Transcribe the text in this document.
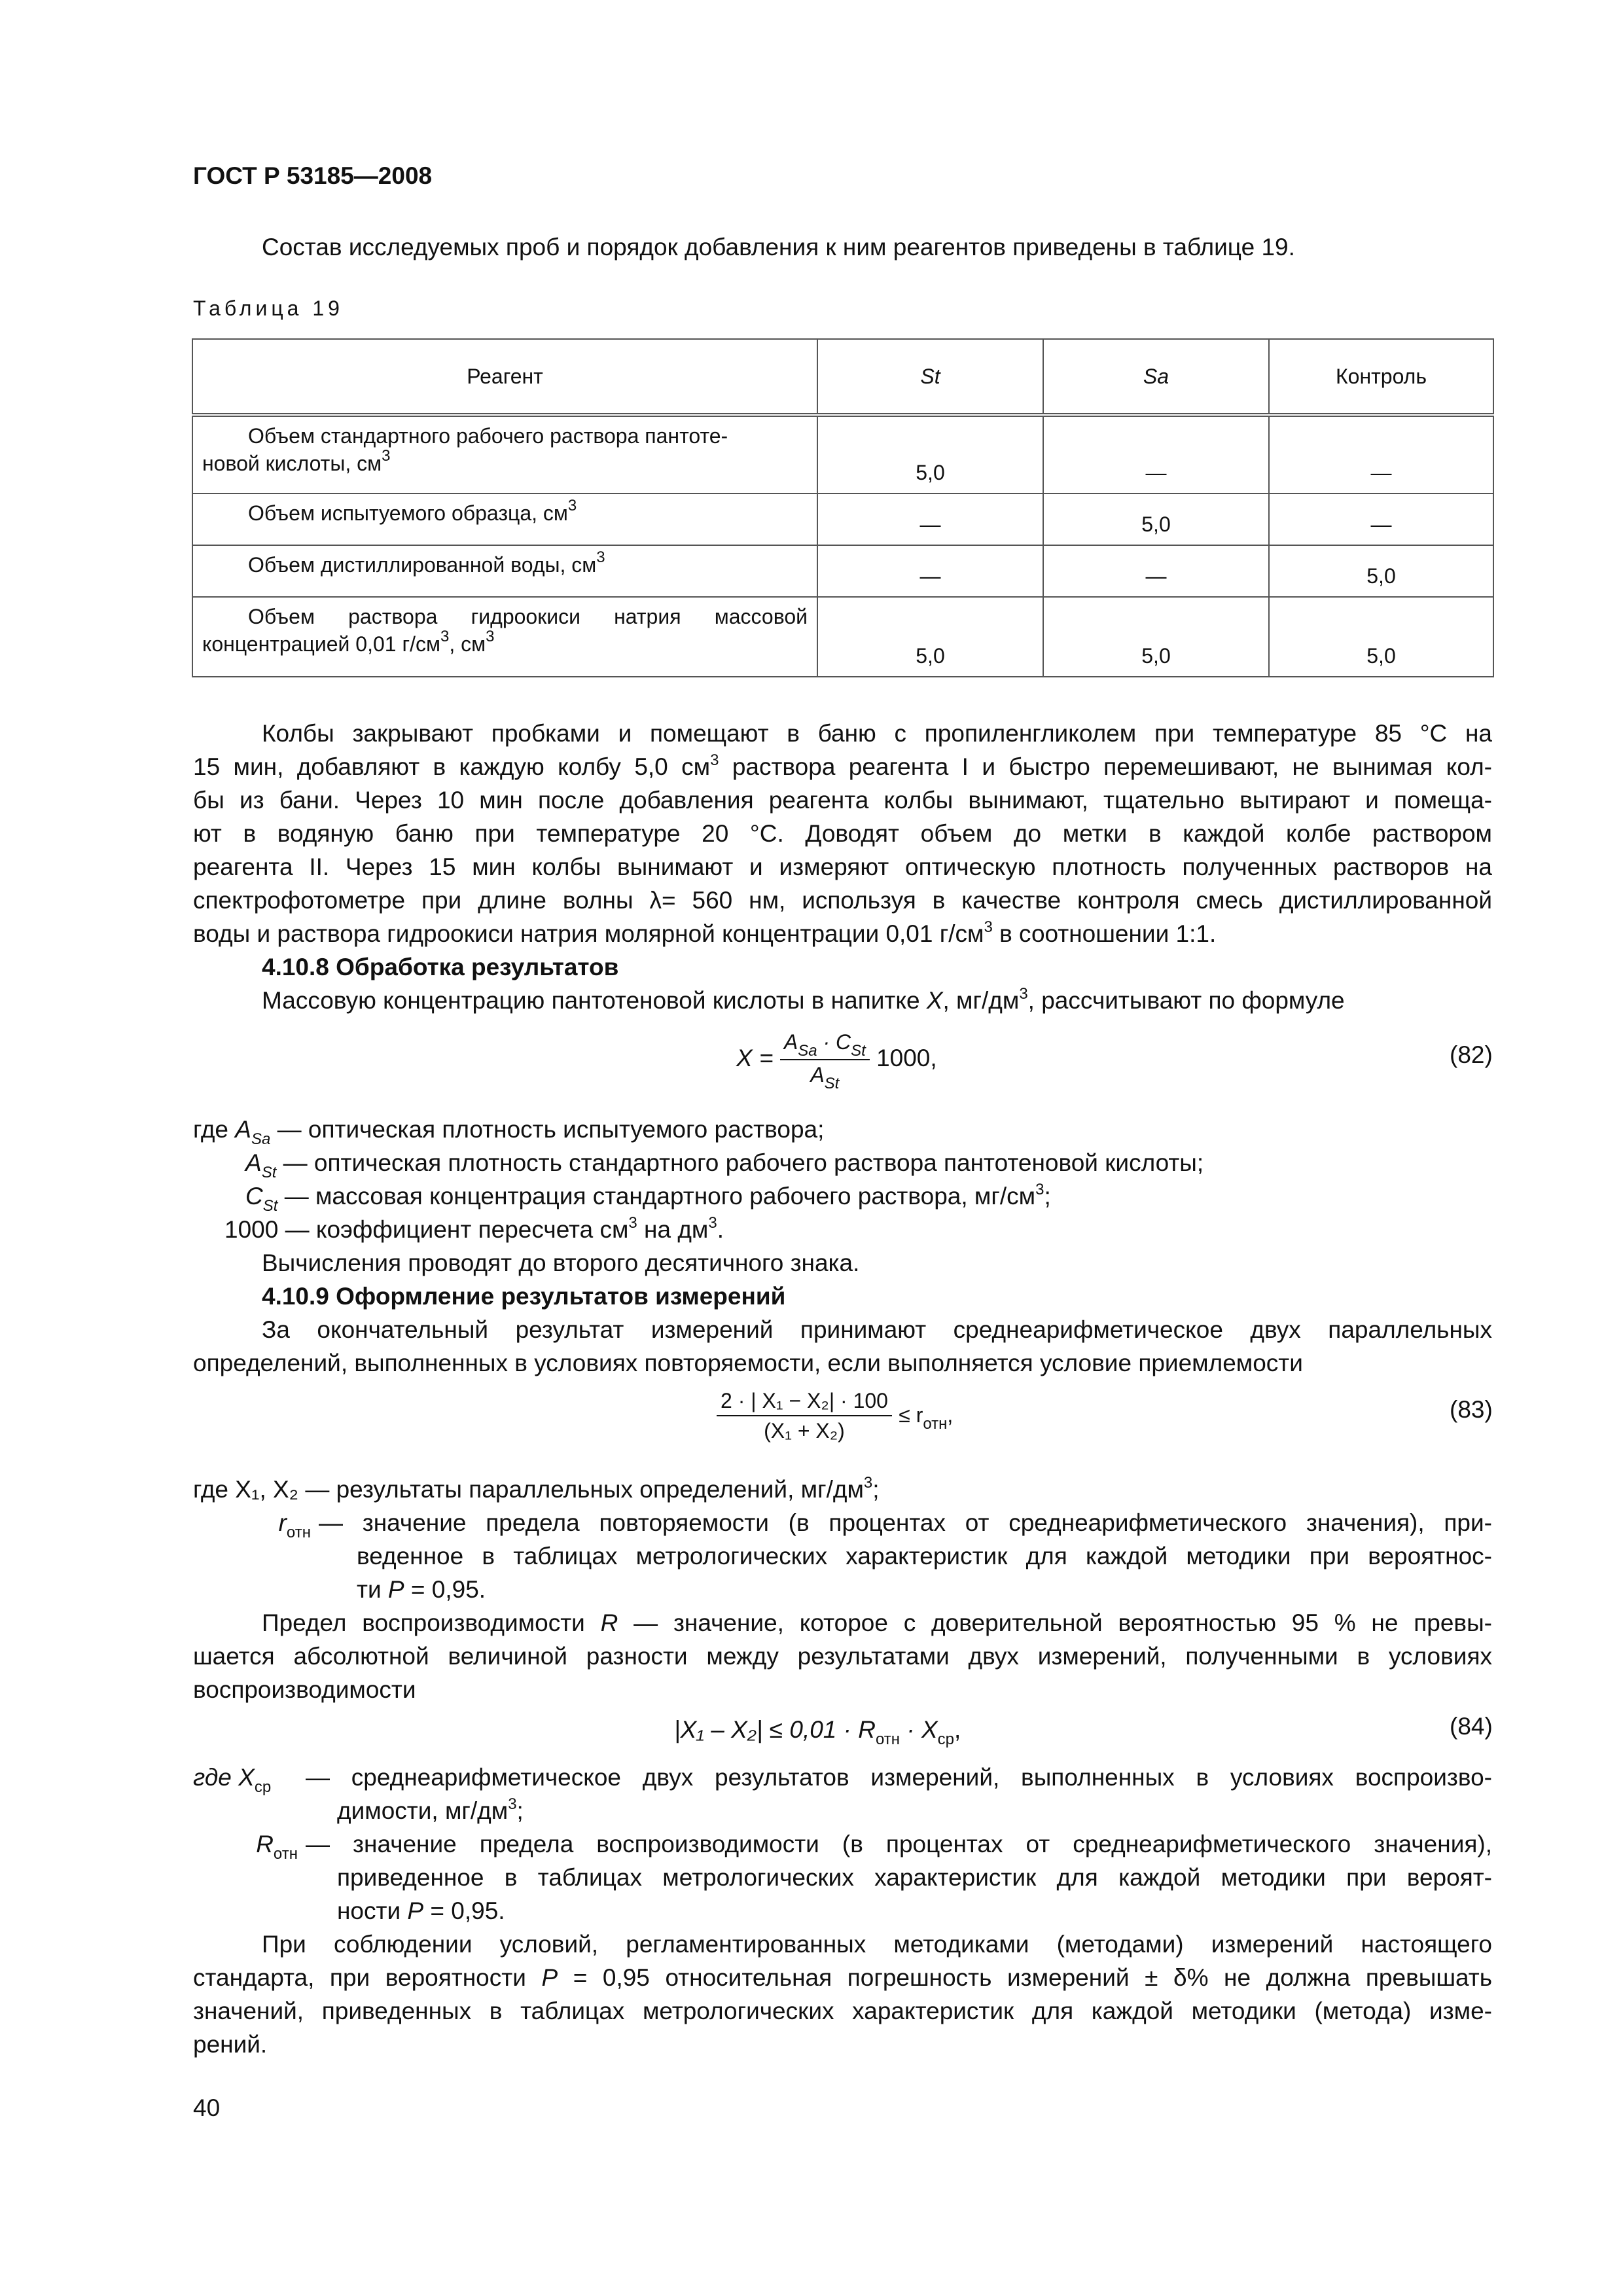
ГОСТ Р 53185—2008
Состав исследуемых проб и порядок добавления к ним реагентов приведены в таблице 19.
Таблица 19
Реагент	St	Sa	Контроль

Объем стандартного рабочего раствора пантоте-
новой кислоты, $см^3$	5,0	—	—

Объем испытуемого образца, $см^3$	—	5,0	—

Объем дистиллированной воды, $см^3$	—	—	5,0

Объем раствора гидроокиси натрия массовой
концентрацией 0,01 $г/см^3$, $см^3$	5,0	5,0	5,0
Колбы закрывают пробками и помещают в баню с пропиленгликолем при температуре 85 °С на
15 мин, добавляют в каждую колбу 5,0 $см^3$ раствора реагента I и быстро перемешивают, не вынимая кол-
бы из бани. Через 10 мин после добавления реагента колбы вынимают, тщательно вытирают и помеща-
ют в водяную баню при температуре 20 °С. Доводят объем до метки в каждой колбе раствором
реагента II. Через 15 мин колбы вынимают и измеряют оптическую плотность полученных растворов на
спектрофотометре при длине волны λ= 560 нм, используя в качестве контроля смесь дистиллированной
воды и раствора гидроокиси натрия молярной концентрации 0,01 $г/см^3$ в соотношении 1:1.
4.10.8 Обработка результатов
Массовую концентрацию пантотеновой кислоты в напитке X, $мг/дм^3$, рассчитывают по формуле
$X = \frac{A_{Sa} \cdot C_{St}}{A_{St}} 1000$,	(82)
где $A_{Sa}$ — оптическая плотность испытуемого раствора;
$A_{St}$ — оптическая плотность стандартного рабочего раствора пантотеновой кислоты;
$C_{St}$ — массовая концентрация стандартного рабочего раствора, $мг/см^3$;
1000 — коэффициент пересчета $см^3$ на $дм^3$.
Вычисления проводят до второго десятичного знака.
4.10.9 Оформление результатов измерений
За окончательный результат измерений принимают среднеарифметическое двух параллельных
определений, выполненных в условиях повторяемости, если выполняется условие приемлемости
$\frac{\text{2 · | X₁ − X₂| · 100}}{\text{(X₁ + X₂)}} \le r_{отн}$,	(83)
где X₁, X₂ — результаты параллельных определений, $мг/дм^3$;
$r_{отн}$ — значение предела повторяемости (в процентах от среднеарифметического значения), при-
веденное в таблицах метрологических характеристик для каждой методики при вероятнос-
ти P = 0,95.
Предел воспроизводимости R — значение, которое с доверительной вероятностью 95 % не превы-
шается абсолютной величиной разности между результатами двух измерений, полученными в условиях
воспроизводимости
$|X_1 - X_2| \le 0,01 \cdot R_{отн} \cdot X_{ср}$,	(84)
где $X_{ср}$ — среднеарифметическое двух результатов измерений, выполненных в условиях воспроизво-
димости, $мг/дм^3$;
$R_{отн}$ — значение предела воспроизводимости (в процентах от среднеарифметического значения),
приведенное в таблицах метрологических характеристик для каждой методики при вероят-
ности P = 0,95.
При соблюдении условий, регламентированных методиками (методами) измерений настоящего
стандарта, при вероятности P = 0,95 относительная погрешность измерений ± δ% не должна превышать
значений, приведенных в таблицах метрологических характеристик для каждой методики (метода) изме-
рений.
40
